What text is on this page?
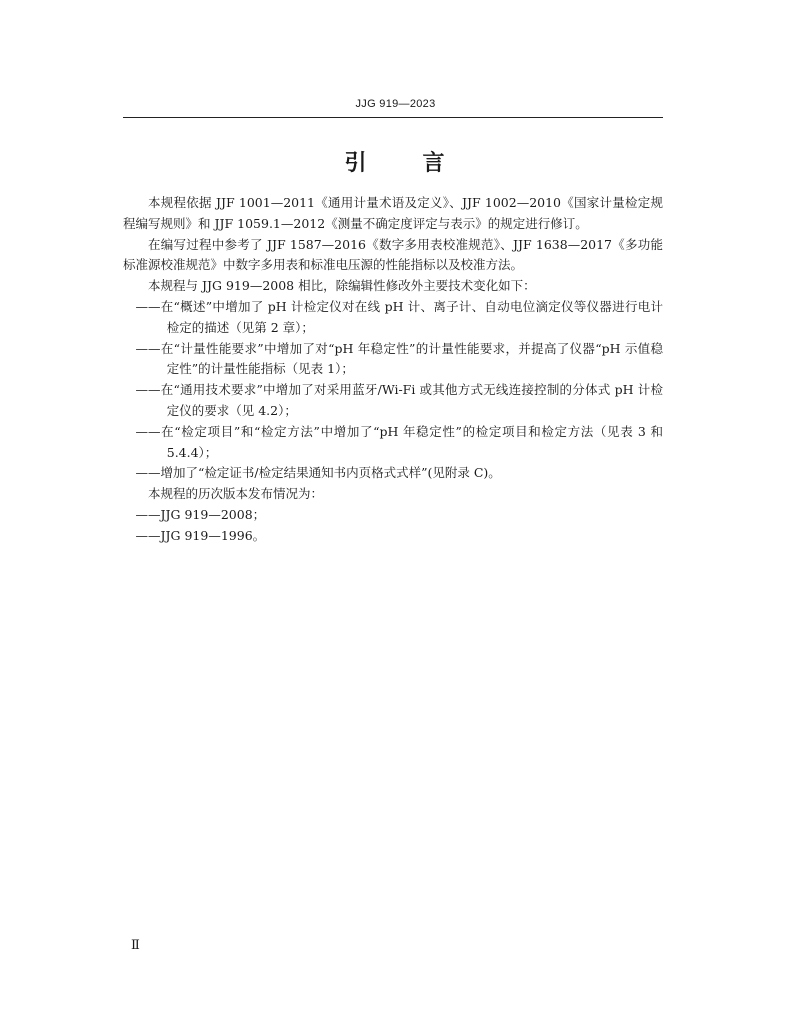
JJG 919—2023
引 言

本规程依据 JJF 1001—2011《通用计量术语及定义》、JJF 1002—2010《国家计量检定规程编写规则》和 JJF 1059.1—2012《测量不确定度评定与表示》的规定进行修订。

在编写过程中参考了 JJF 1587—2016《数字多用表校准规范》、JJF 1638—2017《多功能标准源校准规范》中数字多用表和标准电压源的性能指标以及校准方法。

本规程与 JJG 919—2008 相比，除编辑性修改外主要技术变化如下：

——在“概述”中增加了 pH 计检定仪对在线 pH 计、离子计、自动电位滴定仪等仪器进行电计检定的描述（见第 2 章）；

——在“计量性能要求”中增加了对“pH 年稳定性”的计量性能要求，并提高了仪器“pH 示值稳定性”的计量性能指标（见表 1）；

——在“通用技术要求”中增加了对采用蓝牙/Wi-Fi 或其他方式无线连接控制的分体式 pH 计检定仪的要求（见 4.2）；

——在“检定项目”和“检定方法”中增加了“pH 年稳定性”的检定项目和检定方法（见表 3 和 5.4.4）；

——增加了“检定证书/检定结果通知书内页格式式样”(见附录 C)。

本规程的历次版本发布情况为：

——JJG 919—2008；

——JJG 919—1996。

Ⅱ
